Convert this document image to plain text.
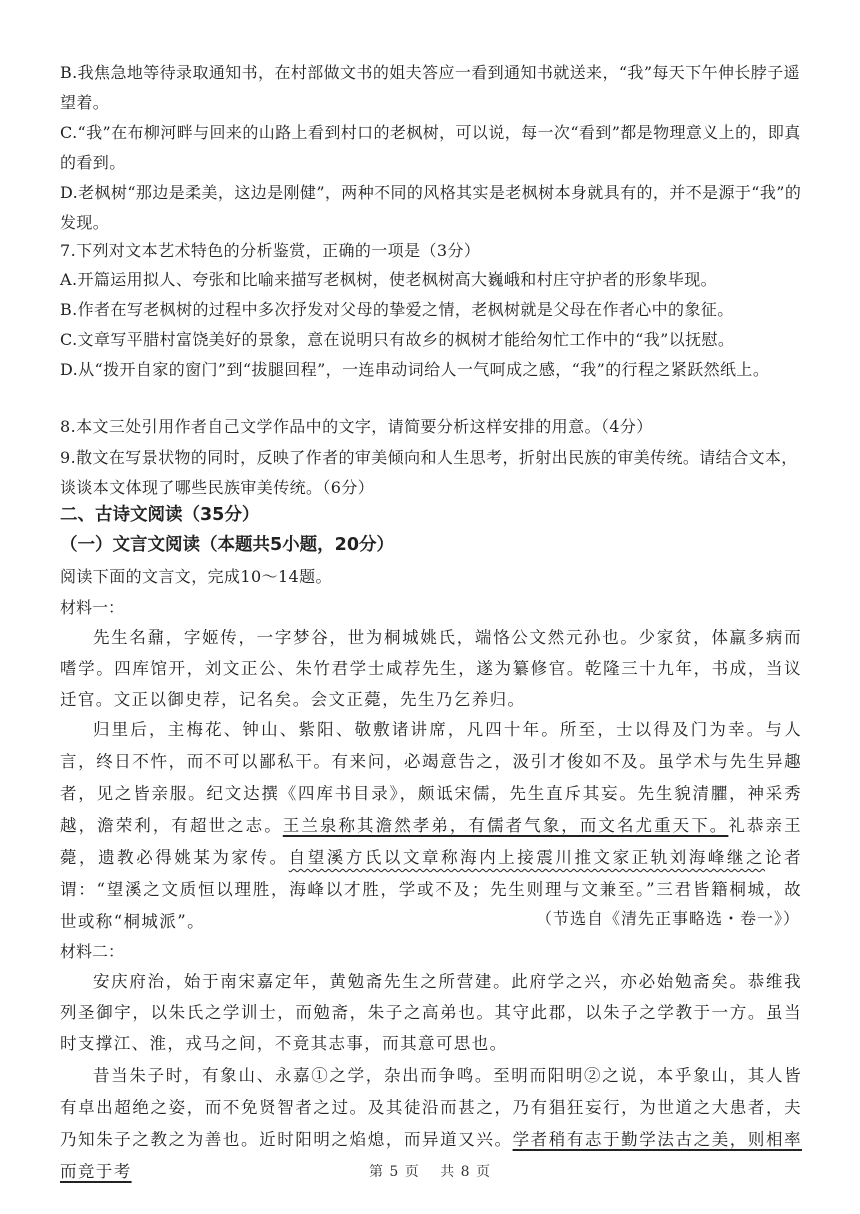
B.我焦急地等待录取通知书，在村部做文书的姐夫答应一看到通知书就送来，“我”每天下午伸长脖子遥望着。
C.“我”在布柳河畔与回来的山路上看到村口的老枫树，可以说，每一次“看到”都是物理意义上的，即真的看到。
D.老枫树“那边是柔美，这边是刚健”，两种不同的风格其实是老枫树本身就具有的，并不是源于“我”的发现。
7.下列对文本艺术特色的分析鉴赏，正确的一项是（3分）
A.开篇运用拟人、夸张和比喻来描写老枫树，使老枫树高大巍峨和村庄守护者的形象毕现。
B.作者在写老枫树的过程中多次抒发对父母的挚爱之情，老枫树就是父母在作者心中的象征。
C.文章写平腊村富饶美好的景象，意在说明只有故乡的枫树才能给匆忙工作中的“我”以抚慰。
D.从“拨开自家的窗门”到“拔腿回程”，一连串动词给人一气呵成之感，“我”的行程之紧跃然纸上。
8.本文三处引用作者自己文学作品中的文字，请简要分析这样安排的用意。（4分）
9.散文在写景状物的同时，反映了作者的审美倾向和人生思考，折射出民族的审美传统。请结合文本，谈谈本文体现了哪些民族审美传统。（6分）
二、古诗文阅读（35分）
（一）文言文阅读（本题共5小题，20分）
阅读下面的文言文，完成10～14题。
材料一：
先生名鼐，字姬传，一字梦谷，世为桐城姚氏，端恪公文然元孙也。少家贫，体羸多病而嗜学。四库馆开，刘文正公、朱竹君学士咸荐先生，遂为纂修官。乾隆三十九年，书成，当议迁官。文正以御史荐，记名矣。会文正薨，先生乃乞养归。
归里后，主梅花、钟山、紫阳、敬敷诸讲席，凡四十年。所至，士以得及门为幸。与人言，终日不忤，而不可以鄙私干。有来问，必竭意告之，汲引才俊如不及。虽学术与先生异趣者，见之皆亲服。纪文达撰《四库书目录》，颇诋宋儒，先生直斥其妄。先生貌清臞，神采秀越，澹荣利，有超世之志。王兰泉称其澹然孝弟，有儒者气象，而文名尤重天下。礼恭亲王薨，遗教必得姚某为家传。自望溪方氏以文章称海内上接震川推文家正轨刘海峰继之论者谓：“望溪之文质恒以理胜，海峰以才胜，学或不及；先生则理与文兼至。”三君皆籍桐城，故世或称“桐城派”。	（节选自《清先正事略选・卷一》）
材料二：
安庆府治，始于南宋嘉定年，黄勉斋先生之所营建。此府学之兴，亦必始勉斋矣。恭维我列圣御宇，以朱氏之学训士，而勉斋，朱子之高弟也。其守此郡，以朱子之学教于一方。虽当时支撑江、淮，戎马之间，不竟其志事，而其意可思也。
昔当朱子时，有象山、永嘉①之学，杂出而争鸣。至明而阳明②之说，本乎象山，其人皆有卓出超绝之姿，而不免贤智者之过。及其徒沿而甚之，乃有猖狂妄行，为世道之大患者，夫乃知朱子之教之为善也。近时阳明之焰熄，而异道又兴。学者稍有志于勤学法古之美，则相率而竞于考	第 5 页　 共 8 页
